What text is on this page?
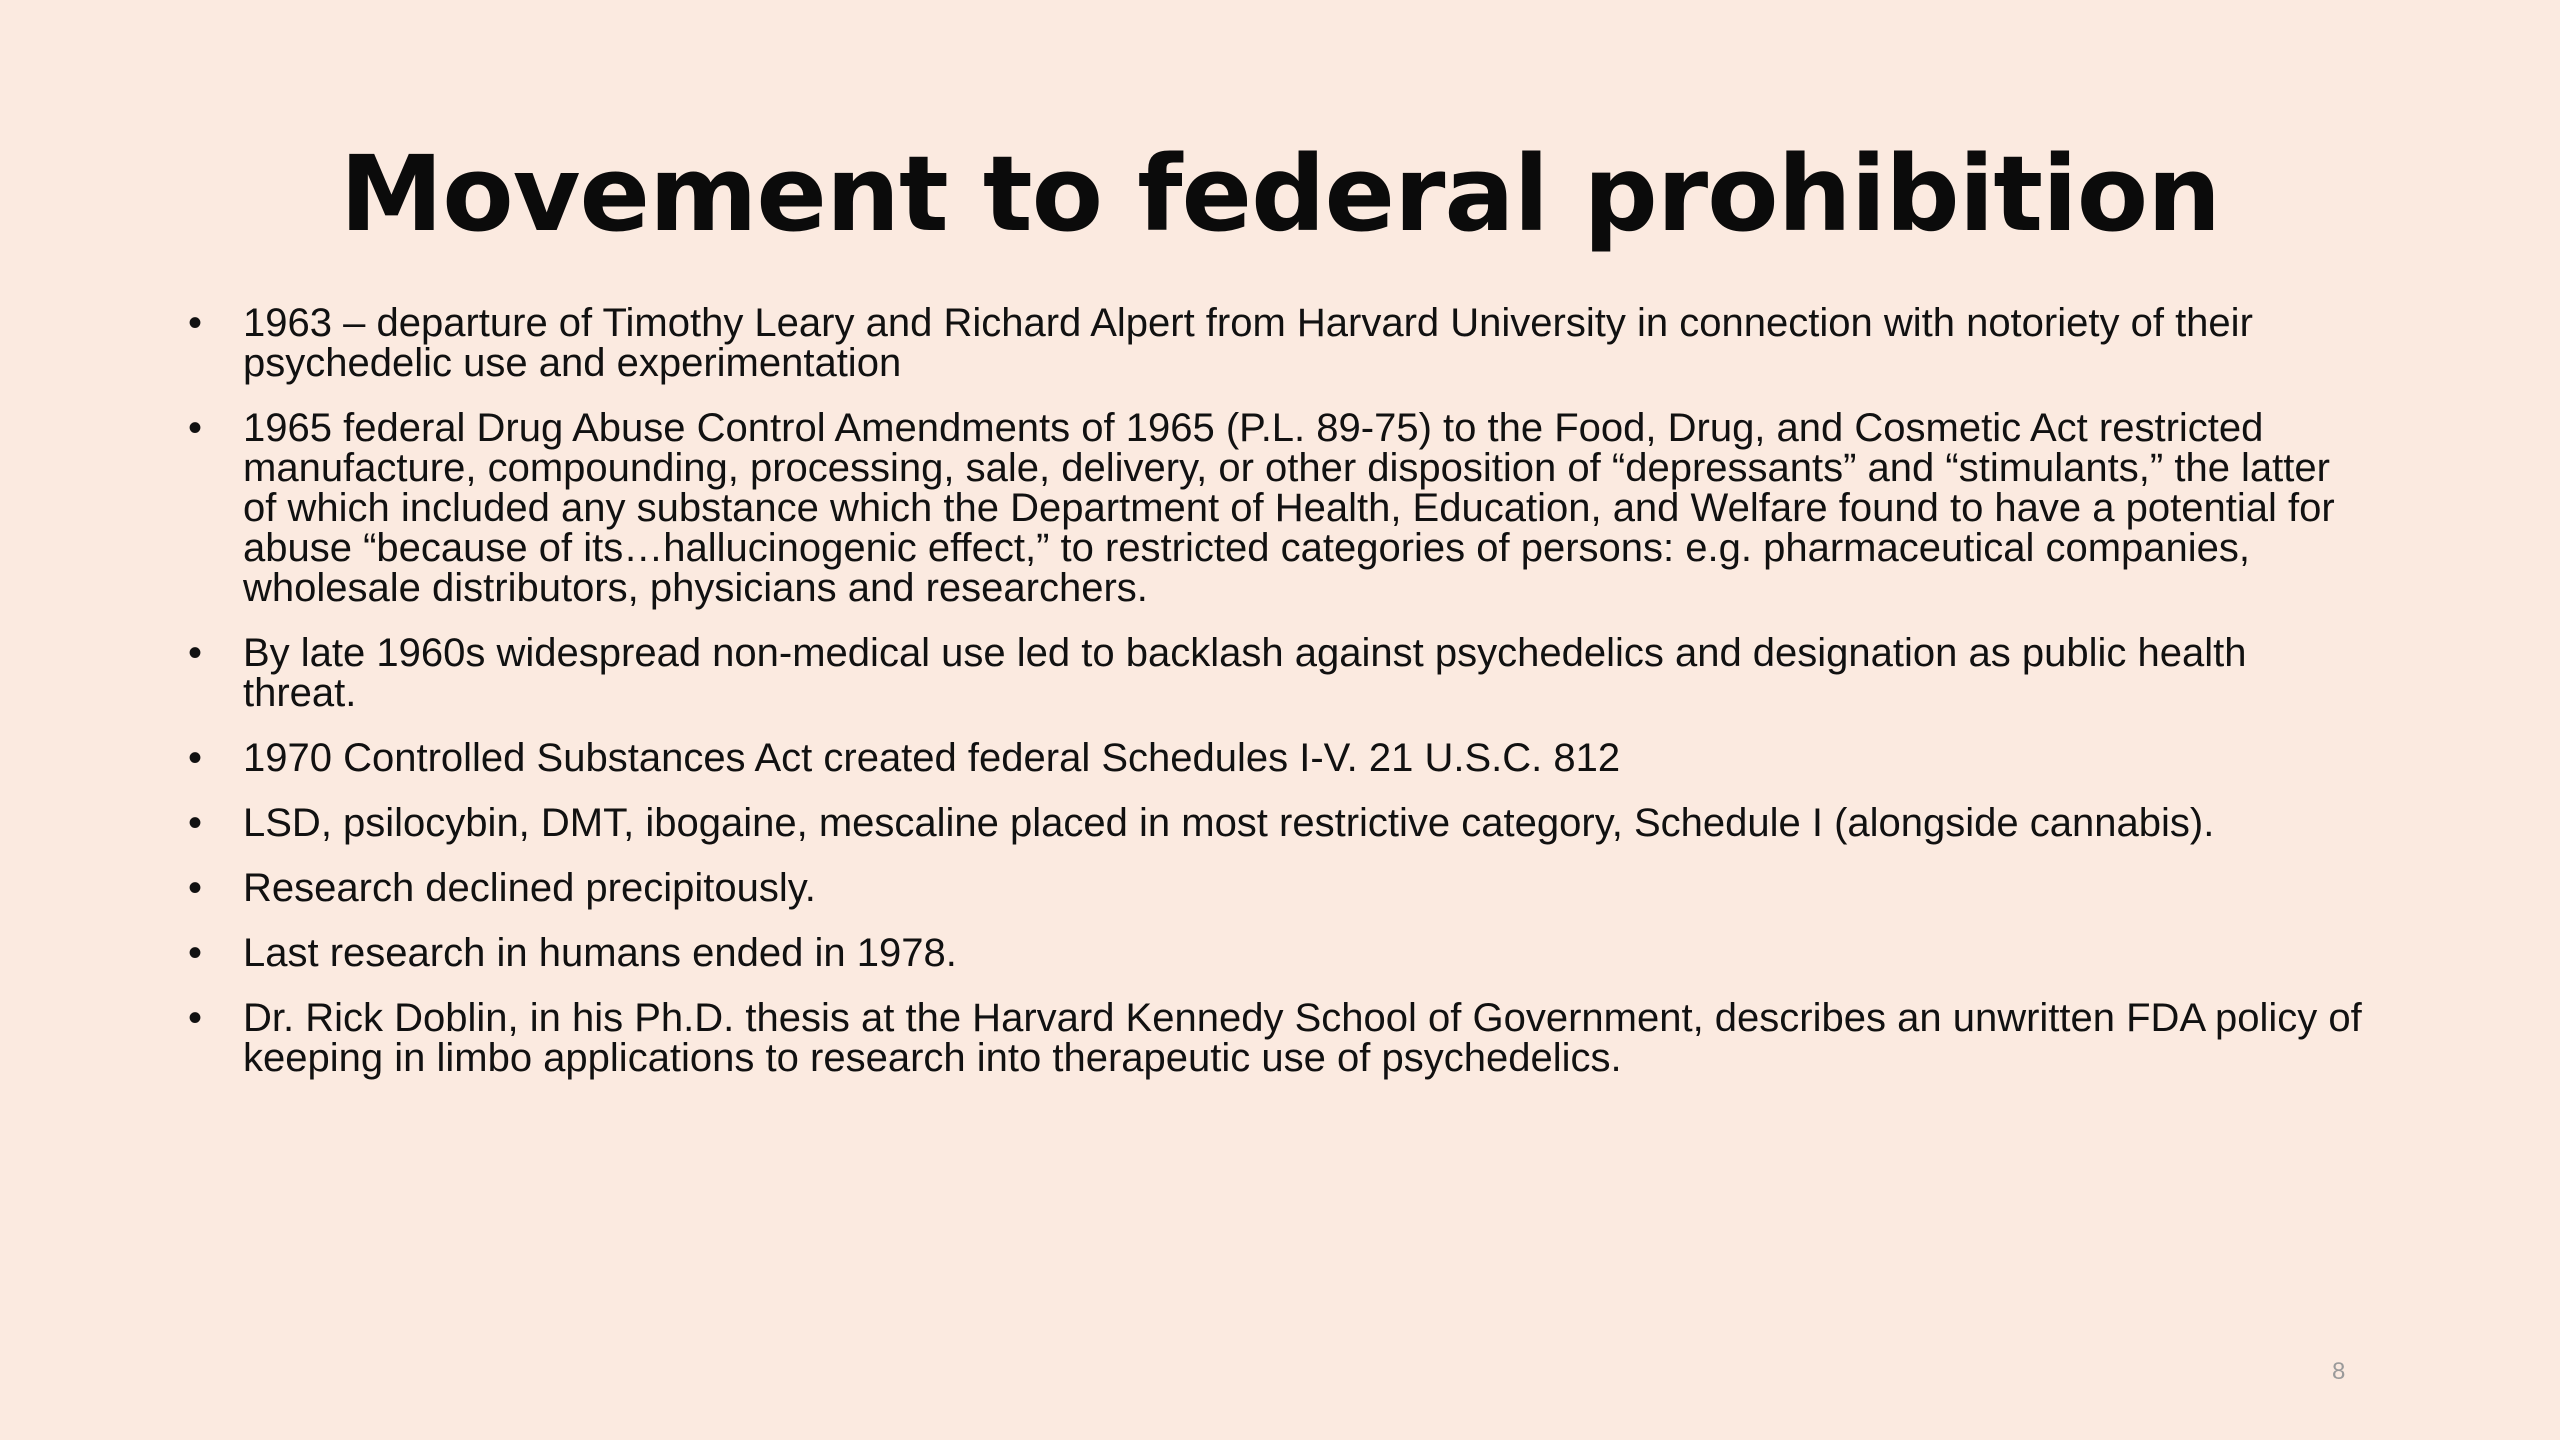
Movement to federal prohibition
• 1963 – departure of Timothy Leary and Richard Alpert from Harvard University in connection with notoriety of their psychedelic use and experimentation
• 1965 federal Drug Abuse Control Amendments of 1965 (P.L. 89-75) to the Food, Drug, and Cosmetic Act restricted manufacture, compounding, processing, sale, delivery, or other disposition of “depressants” and “stimulants,” the latter of which included any substance which the Department of Health, Education, and Welfare found to have a potential for abuse “because of its…hallucinogenic effect,” to restricted categories of persons: e.g. pharmaceutical companies, wholesale distributors, physicians and researchers.
• By late 1960s widespread non-medical use led to backlash against psychedelics and designation as public health threat.
• 1970 Controlled Substances Act created federal Schedules I-V. 21 U.S.C. 812
• LSD, psilocybin, DMT, ibogaine, mescaline placed in most restrictive category, Schedule I (alongside cannabis).
• Research declined precipitously.
• Last research in humans ended in 1978.
• Dr. Rick Doblin, in his Ph.D. thesis at the Harvard Kennedy School of Government, describes an unwritten FDA policy of keeping in limbo applications to research into therapeutic use of psychedelics.
8
